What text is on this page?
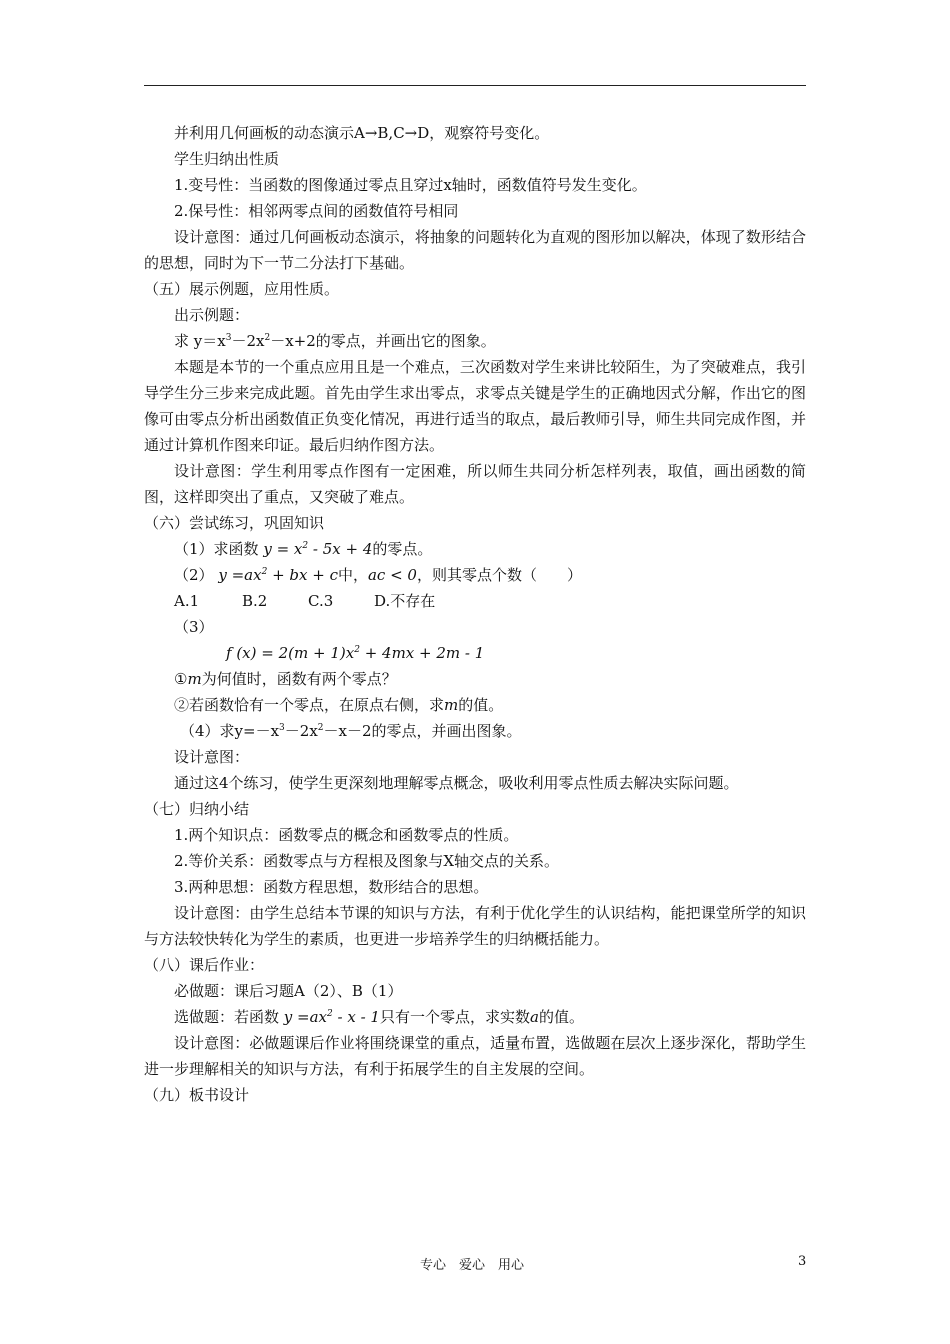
并利用几何画板的动态演示A→B,C→D，观察符号变化。

学生归纳出性质

1.变号性：当函数的图像通过零点且穿过x轴时，函数值符号发生变化。

2.保号性：相邻两零点间的函数值符号相同

设计意图：通过几何画板动态演示，将抽象的问题转化为直观的图形加以解决，体现了数形结合的思想，同时为下一节二分法打下基础。

（五）展示例题，应用性质。

出示例题：

求 $y=x^3-2x^2-x+2$的零点，并画出它的图象。

本题是本节的一个重点应用且是一个难点，三次函数对学生来讲比较陌生，为了突破难点，我引导学生分三步来完成此题。首先由学生求出零点，求零点关键是学生的正确地因式分解，作出它的图像可由零点分析出函数值正负变化情况，再进行适当的取点，最后教师引导，师生共同完成作图，并通过计算机作图来印证。最后归纳作图方法。

设计意图：学生利用零点作图有一定困难，所以师生共同分析怎样列表，取值，画出函数的简图，这样即突出了重点，又突破了难点。

（六）尝试练习，巩固知识

（1）求函数 $y = x^2 - 5x + 4$的零点。

（2） $y =ax^2$ + bx + c中，ac < 0，则其零点个数（　　）

A.1	B.2	C.3	D.不存在

（3）

f $(x) = 2(m + 1)x^2 + 4mx + 2m - 1$

①m为何值时，函数有两个零点？

②若函数恰有一个零点，在原点右侧，求m的值。

（4）求$y=-x^3-2x^2-x-2$的零点，并画出图象。

设计意图：

通过这4个练习，使学生更深刻地理解零点概念，吸收利用零点性质去解决实际问题。

（七）归纳小结

1.两个知识点：函数零点的概念和函数零点的性质。

2.等价关系：函数零点与方程根及图象与X轴交点的关系。

3.两种思想：函数方程思想，数形结合的思想。

设计意图：由学生总结本节课的知识与方法，有利于优化学生的认识结构，能把课堂所学的知识与方法较快转化为学生的素质，也更进一步培养学生的归纳概括能力。

（八）课后作业：

必做题：课后习题A（2）、B（1）

选做题：若函数 $y =ax^2 - x - 1$只有一个零点，求实数a的值。

设计意图：必做题课后作业将围绕课堂的重点，适量布置，选做题在层次上逐步深化，帮助学生进一步理解相关的知识与方法，有利于拓展学生的自主发展的空间。

（九）板书设计

专心　爱心　用心	3
